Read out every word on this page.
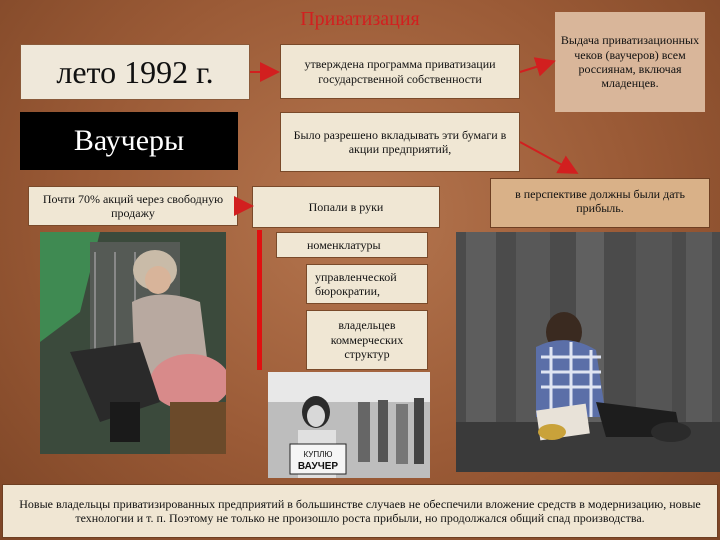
Приватизация
лето 1992 г.
Ваучеры
Почти 70% акций через свободную продажу
утверждена программа приватизации государственной собственности
Выдача приватизационных чеков (ваучеров) всем россиянам, включая младенцев.
Было разрешено вкладывать эти бумаги в акции предприятий,
Попали в руки
в перспективе должны были дать прибыль.
номенклатуры
управленческой бюрократии,
владельцев коммерческих структур
КУПЛЮ
ВАУЧЕР
Новые владельцы приватизированных предприятий в большинстве случаев не обеспечили вложение средств в модернизацию, новые технологии и т. п. Поэтому не только не произошло роста прибыли, но продолжался общий спад производства.
